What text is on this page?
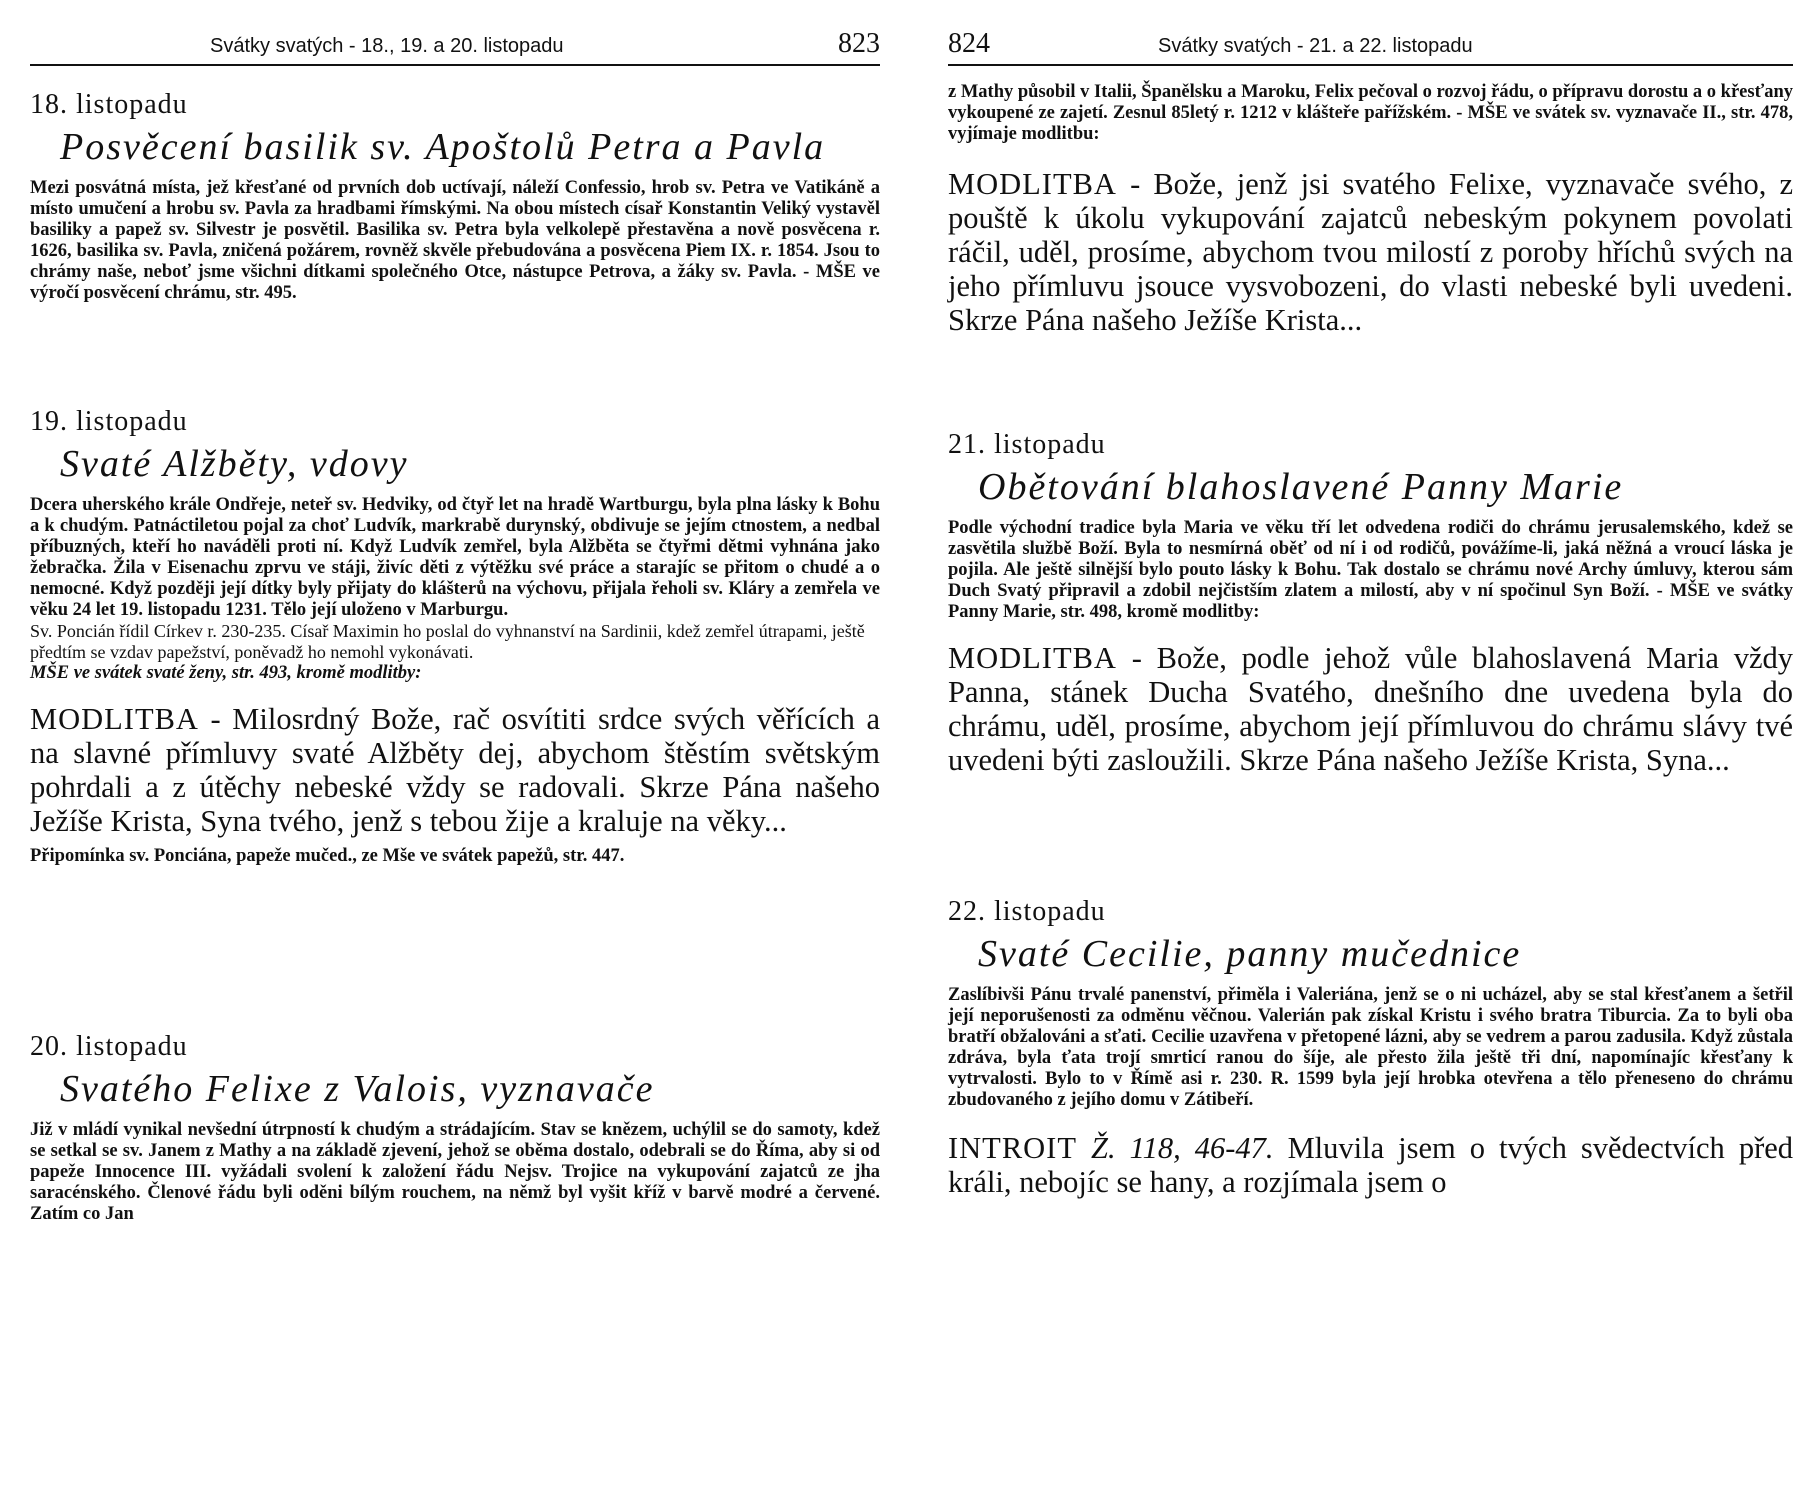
Svátky svatých - 18., 19. a 20. listopadu	823

18. listopadu

Posvěcení basilik sv. Apoštolů Petra a Pavla

Mezi posvátná místa, jež křesťané od prvních dob uctívají, náleží Confessio, hrob sv. Petra ve Vatikáně a místo umučení a hrobu sv. Pavla za hradbami římskými. Na obou místech císař Konstantin Veliký vystavěl basiliky a papež sv. Silvestr je posvětil. Basilika sv. Petra byla velkolepě přestavěna a nově posvěcena r. 1626, basilika sv. Pavla, zničená požárem, rovněž skvěle přebudována a posvěcena Piem IX. r. 1854. Jsou to chrámy naše, neboť jsme všichni dítkami společného Otce, nástupce Petrova, a žáky sv. Pavla. - MŠE ve výročí posvěcení chrámu, str. 495.

19. listopadu

Svaté Alžběty, vdovy

Dcera uherského krále Ondřeje, neteř sv. Hedviky, od čtyř let na hradě Wartburgu, byla plna lásky k Bohu a k chudým. Patnáctiletou pojal za choť Ludvík, markrabě durynský, obdivuje se jejím ctnostem, a nedbal příbuzných, kteří ho naváděli proti ní. Když Ludvík zemřel, byla Alžběta se čtyřmi dětmi vyhnána jako žebračka. Žila v Eisenachu zprvu ve stáji, živíc děti z výtěžku své práce a starajíc se přitom o chudé a o nemocné. Když později její dítky byly přijaty do klášterů na výchovu, přijala řeholi sv. Kláry a zemřela ve věku 24 let 19. listopadu 1231. Tělo její uloženo v Marburgu.

Sv. Poncián řídil Církev r. 230-235. Císař Maximin ho poslal do vyhnanství na Sardinii, kdež zemřel útrapami, ještě předtím se vzdav papežství, poněvadž ho nemohl vykonávati.

MŠE ve svátek svaté ženy, str. 493, kromě modlitby:

MODLITBA - Milosrdný Bože, rač osvítiti srdce svých věřících a na slavné přímluvy svaté Alžběty dej, abychom štěstím světským pohrdali a z útěchy nebeské vždy se radovali. Skrze Pána našeho Ježíše Krista, Syna tvého, jenž s tebou žije a kraluje na věky...

Připomínka sv. Ponciána, papeže mučed., ze Mše ve svátek papežů, str. 447.

20. listopadu

Svatého Felixe z Valois, vyznavače

Již v mládí vynikal nevšední útrpností k chudým a strádajícím. Stav se knězem, uchýlil se do samoty, kdež se setkal se sv. Janem z Mathy a na základě zjevení, jehož se oběma dostalo, odebrali se do Říma, aby si od papeže Innocence III. vyžádali svolení k založení řádu Nejsv. Trojice na vykupování zajatců ze jha saracénského. Členové řádu byli oděni bílým rouchem, na němž byl vyšit kříž v barvě modré a červené. Zatím co Jan

824	Svátky svatých - 21. a 22. listopadu

z Mathy působil v Italii, Španělsku a Maroku, Felix pečoval o rozvoj řádu, o přípravu dorostu a o křesťany vykoupené ze zajetí. Zesnul 85letý r. 1212 v klášteře pařížském. - MŠE ve svátek sv. vyznavače II., str. 478, vyjímaje modlitbu:

MODLITBA - Bože, jenž jsi svatého Felixe, vyznavače svého, z pouště k úkolu vykupování zajatců nebeským pokynem povolati ráčil, uděl, prosíme, abychom tvou milostí z poroby hříchů svých na jeho přímluvu jsouce vysvobozeni, do vlasti nebeské byli uvedeni. Skrze Pána našeho Ježíše Krista...

21. listopadu

Obětování blahoslavené Panny Marie

Podle východní tradice byla Maria ve věku tří let odvedena rodiči do chrámu jerusalemského, kdež se zasvětila službě Boží. Byla to nesmírná oběť od ní i od rodičů, povážíme-li, jaká něžná a vroucí láska je pojila. Ale ještě silnější bylo pouto lásky k Bohu. Tak dostalo se chrámu nové Archy úmluvy, kterou sám Duch Svatý připravil a zdobil nejčistším zlatem a milostí, aby v ní spočinul Syn Boží. - MŠE ve svátky Panny Marie, str. 498, kromě modlitby:

MODLITBA - Bože, podle jehož vůle blahoslavená Maria vždy Panna, stánek Ducha Svatého, dnešního dne uvedena byla do chrámu, uděl, prosíme, abychom její přímluvou do chrámu slávy tvé uvedeni býti zasloužili. Skrze Pána našeho Ježíše Krista, Syna...

22. listopadu

Svaté Cecilie, panny mučednice

Zaslíbivši Pánu trvalé panenství, přiměla i Valeriána, jenž se o ni ucházel, aby se stal křesťanem a šetřil její neporušenosti za odměnu věčnou. Valerián pak získal Kristu i svého bratra Tiburcia. Za to byli oba bratří obžalováni a sťati. Cecilie uzavřena v přetopené lázni, aby se vedrem a parou zadusila. Když zůstala zdráva, byla ťata trojí smrticí ranou do šíje, ale přesto žila ještě tři dní, napomínajíc křesťany k vytrvalosti. Bylo to v Římě asi r. 230. R. 1599 byla její hrobka otevřena a tělo přeneseno do chrámu zbudovaného z jejího domu v Zátibeří.

INTROIT Ž. 118, 46-47. Mluvila jsem o tvých svědectvích před králi, nebojíc se hany, a rozjímala jsem o
